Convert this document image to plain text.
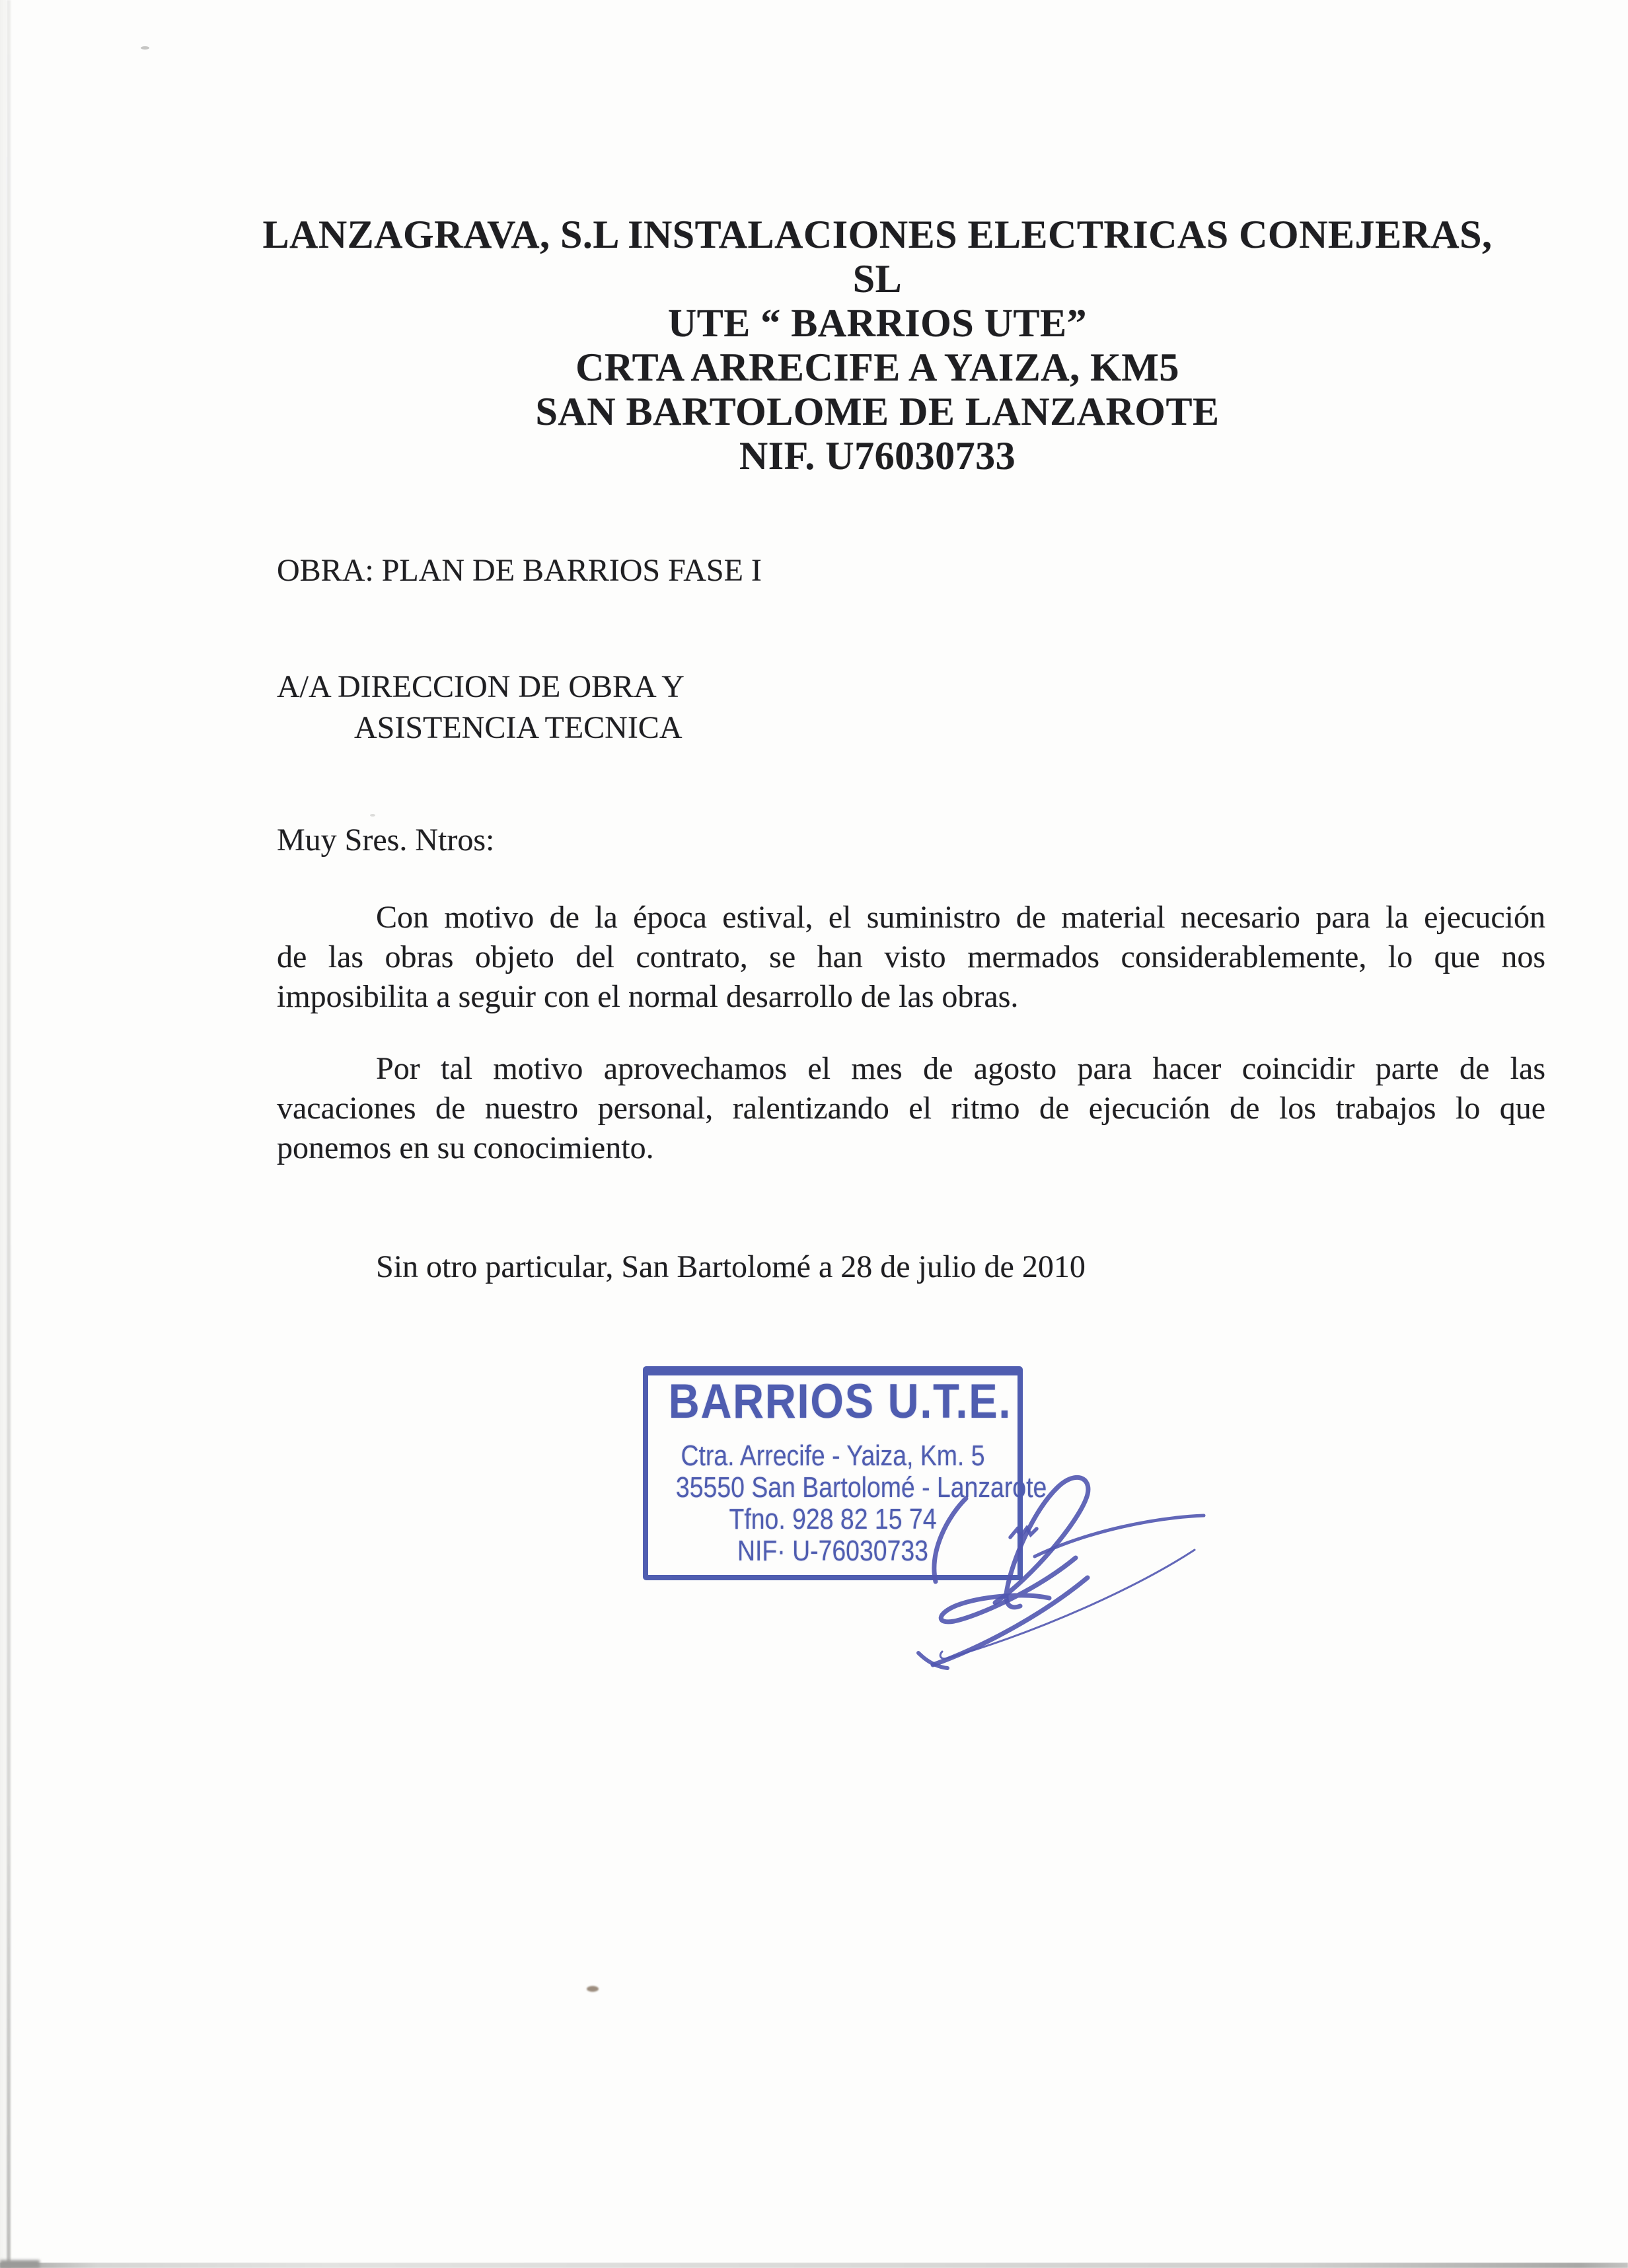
LANZAGRAVA, S.L INSTALACIONES ELECTRICAS CONEJERAS, SL
UTE “ BARRIOS UTE”
CRTA ARRECIFE A YAIZA, KM5
SAN BARTOLOME DE LANZAROTE
NIF. U76030733
OBRA: PLAN DE BARRIOS FASE I
A/A DIRECCION DE OBRA Y
ASISTENCIA TECNICA
Muy Sres. Ntros:
Con motivo de la época estival, el suministro de material necesario para la ejecución
de las obras objeto del contrato, se han visto mermados considerablemente, lo que nos
imposibilita a seguir con el normal desarrollo de las obras.
Por tal motivo aprovechamos el mes de agosto para hacer coincidir parte de las
vacaciones de nuestro personal, ralentizando el ritmo de ejecución de los trabajos lo que
ponemos en su conocimiento.
Sin otro particular, San Bartolomé a 28 de julio de 2010
BARRIOS U.T.E.
Ctra. Arrecife - Yaiza, Km. 5
35550 San Bartolomé - Lanzarote
Tfno. 928 82 15 74
NIF· U-76030733
